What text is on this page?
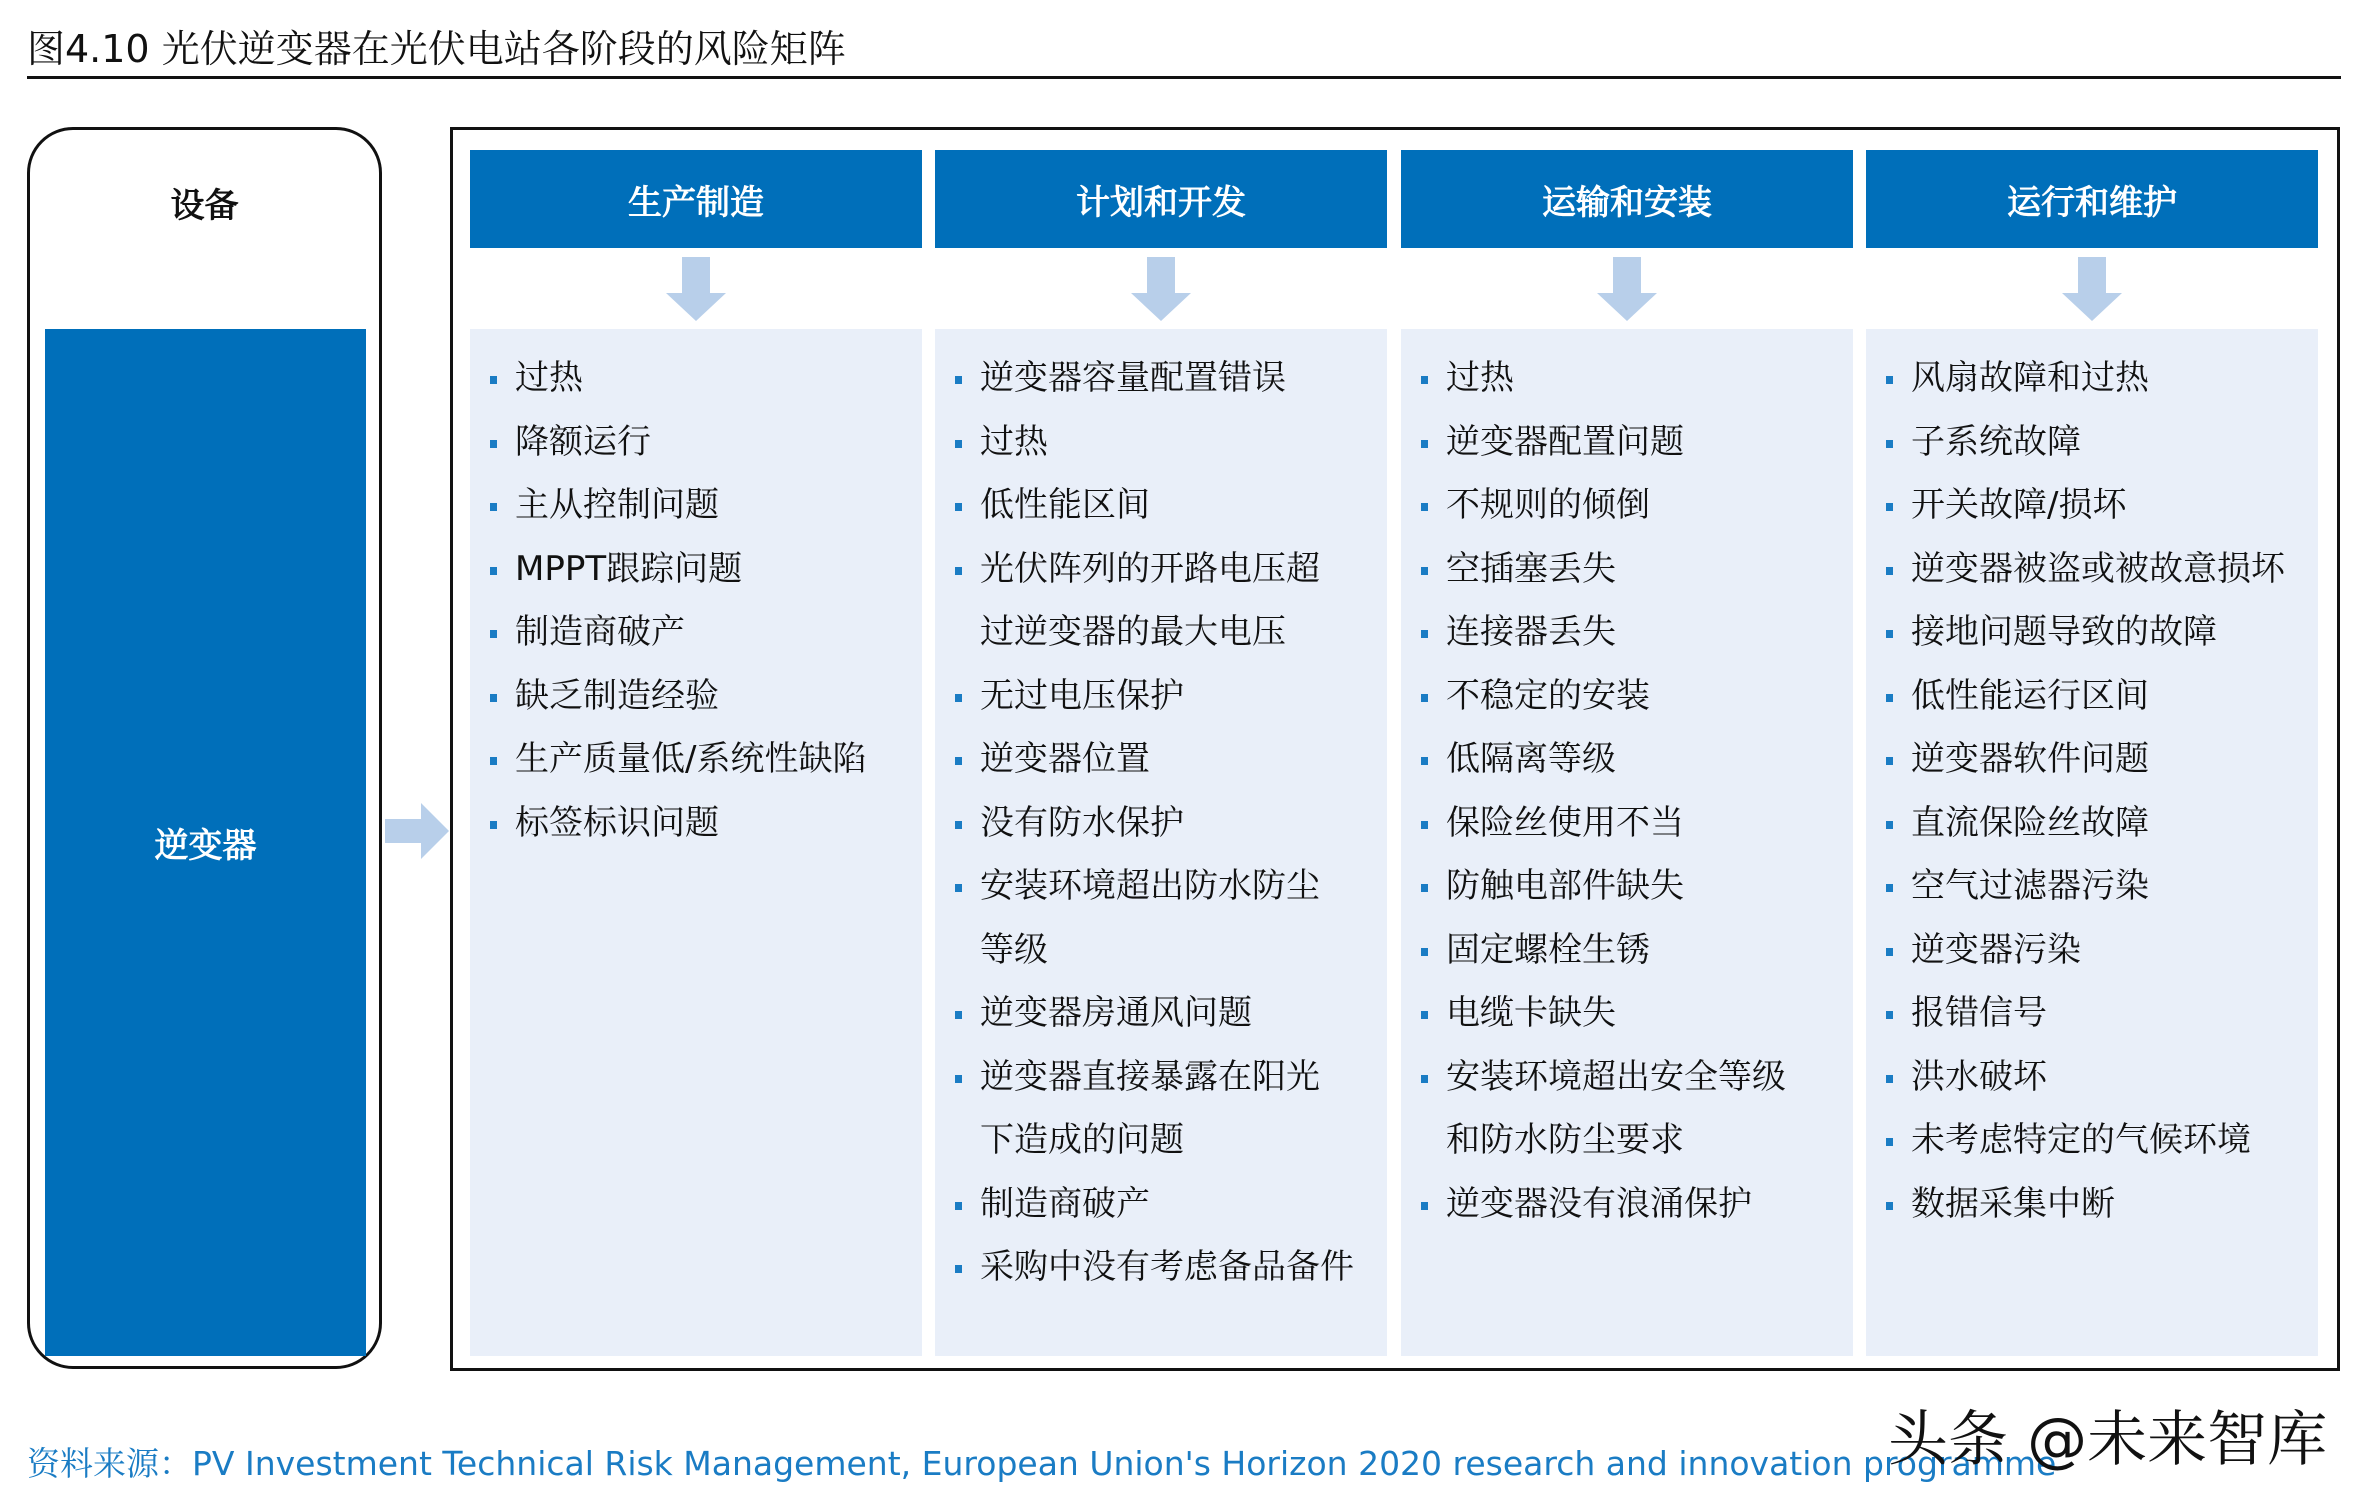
图4.10 光伏逆变器在光伏电站各阶段的风险矩阵
设备
逆变器
生产制造
过热
降额运行
主从控制问题
MPPT跟踪问题
制造商破产
缺乏制造经验
生产质量低/系统性缺陷
标签标识问题
计划和开发
逆变器容量配置错误
过热
低性能区间
光伏阵列的开路电压超
过逆变器的最大电压
无过电压保护
逆变器位置
没有防水保护
安装环境超出防水防尘
等级
逆变器房通风问题
逆变器直接暴露在阳光
下造成的问题
制造商破产
采购中没有考虑备品备件
运输和安装
过热
逆变器配置问题
不规则的倾倒
空插塞丢失
连接器丢失
不稳定的安装
低隔离等级
保险丝使用不当
防触电部件缺失
固定螺栓生锈
电缆卡缺失
安装环境超出安全等级
和防水防尘要求
逆变器没有浪涌保护
运行和维护
风扇故障和过热
子系统故障
开关故障/损坏
逆变器被盗或被故意损坏
接地问题导致的故障
低性能运行区间
逆变器软件问题
直流保险丝故障
空气过滤器污染
逆变器污染
报错信号
洪水破坏
未考虑特定的气候环境
数据采集中断
资料来源：PV Investment Technical Risk Management, European Union's Horizon 2020 research and innovation programme
头条 @未来智库
